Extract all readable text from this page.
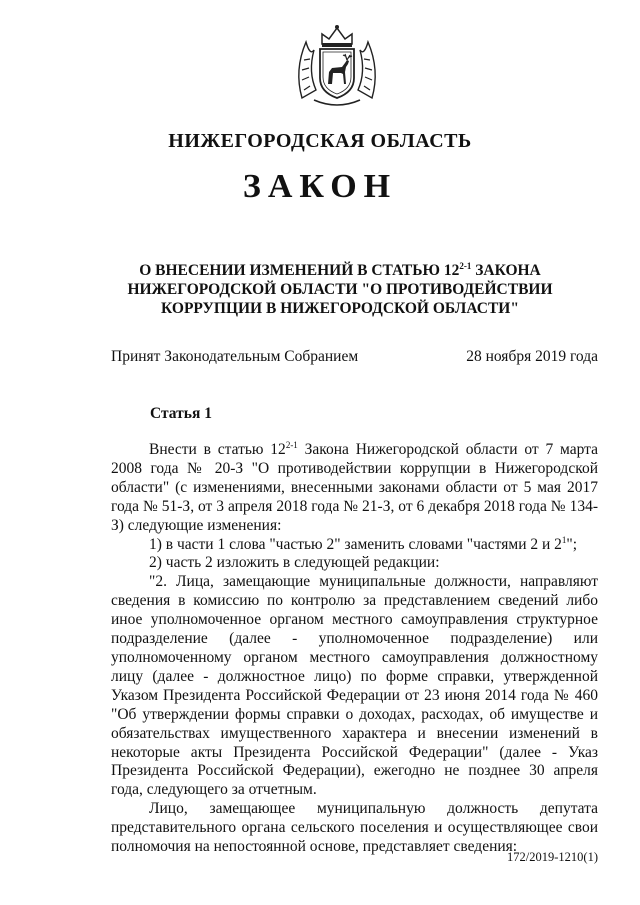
НИЖЕГОРОДСКАЯ ОБЛАСТЬ
ЗАКОН
О ВНЕСЕНИИ ИЗМЕНЕНИЙ В СТАТЬЮ 12$^{2-1}$ ЗАКОНА
НИЖЕГОРОДСКОЙ ОБЛАСТИ "О ПРОТИВОДЕЙСТВИИ
КОРРУПЦИИ В НИЖЕГОРОДСКОЙ ОБЛАСТИ"
Принят Законодательным Собранием	28 ноября 2019 года
Статья 1

Внести в статью 12$^{2-1}$ Закона Нижегородской области от 7 марта 2008 года № 20-З "О противодействии коррупции в Нижегородской области" (с изменениями, внесенными законами области от 5 мая 2017 года № 51-З, от 3 апреля 2018 года № 21-З, от 6 декабря 2018 года № 134-З) следующие изменения:

1) в части 1 слова "частью 2" заменить словами "частями 2 и $2^1$";

2) часть 2 изложить в следующей редакции:

"2. Лица, замещающие муниципальные должности, направляют сведения в комиссию по контролю за представлением сведений либо иное уполномоченное органом местного самоуправления структурное подразделение (далее - уполномоченное подразделение) или уполномоченному органом местного самоуправления должностному лицу (далее - должностное лицо) по форме справки, утвержденной Указом Президента Российской Федерации от 23 июня 2014 года № 460 "Об утверждении формы справки о доходах, расходах, об имуществе и обязательствах имущественного характера и внесении изменений в некоторые акты Президента Российской Федерации" (далее - Указ Президента Российской Федерации), ежегодно не позднее 30 апреля года, следующего за отчетным.

Лицо, замещающее муниципальную должность депутата представительного органа сельского поселения и осуществляющее свои полномочия на непостоянной основе, представляет сведения:

172/2019-1210(1)
